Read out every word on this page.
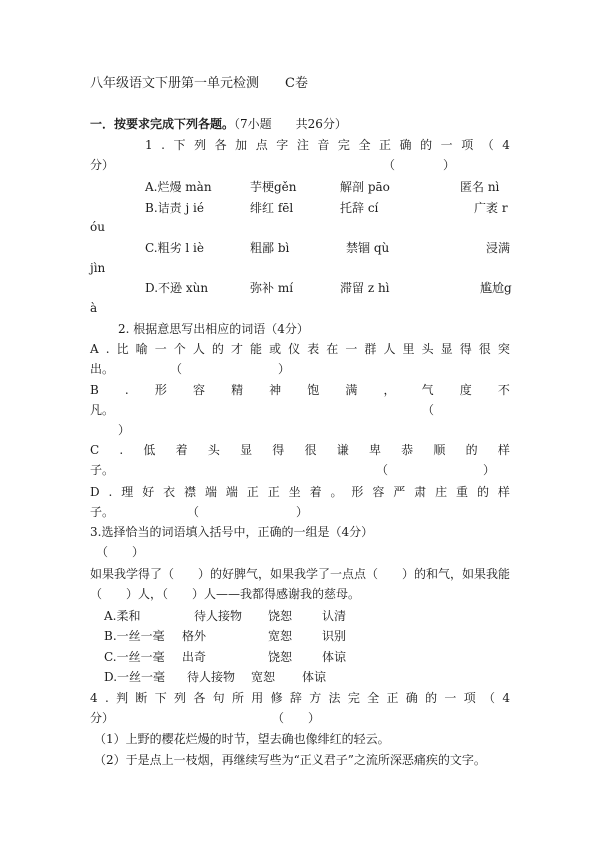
八年级语文下册第一单元检测　　C卷
一．按要求完成下列各题。（7小题　　共26分）
1 . 下 列 各 加 点 字 注 音 完 全 正 确 的 一 项 （ 4
分）	（　　　　）
A.烂熳 màn	芋梗gěn	解剖 pāo	匿名 nì
B.诘责 j ié	绯红 fēl	托辞 cí	广袤 r
óu
C.粗劣 l iè	粗鄙 bì	禁锢 qù	浸满
jìn
D.不逊 xùn	弥补 mí	滞留 z hì	尴尬g
à
2. 根据意思写出相应的词语（4分）
A . 比 喻 一 个 人 的 才 能 或 仪 表 在 一 群 人 里 头 显 得 很 突
出。	（	）
B . 形 容 精 神 饱 满 ， 气 度 不
凡。	（
）
C . 低 着 头 显 得 很 谦 卑 恭 顺 的 样
子。	（	）
D . 理 好 衣 襟 端 端 正 正 坐 着 。 形 容 严 肃 庄 重 的 样
子。	（	）
3.选择恰当的词语填入括号中，正确的一组是（4分）
（　　）
如果我学得了（　　）的好脾气，如果我学了一点点（　　）的和气，如果我能（　　）人，（　　）人——我都得感谢我的慈母。
A.柔和	待人接物 饶恕 认清
B.一丝一毫 格外	宽恕 识别
C.一丝一毫 出奇	饶恕 体谅
D.一丝一毫 待人接物 宽恕 体谅
4 . 判 断 下 列 各 句 所 用 修 辞 方 法 完 全 正 确 的 一 项 （ 4
分）	（　　）
（1）上野的樱花烂熳的时节，望去确也像绯红的轻云。
（2）于是点上一枝烟，再继续写些为“正义君子”之流所深恶痛疾的文字。
